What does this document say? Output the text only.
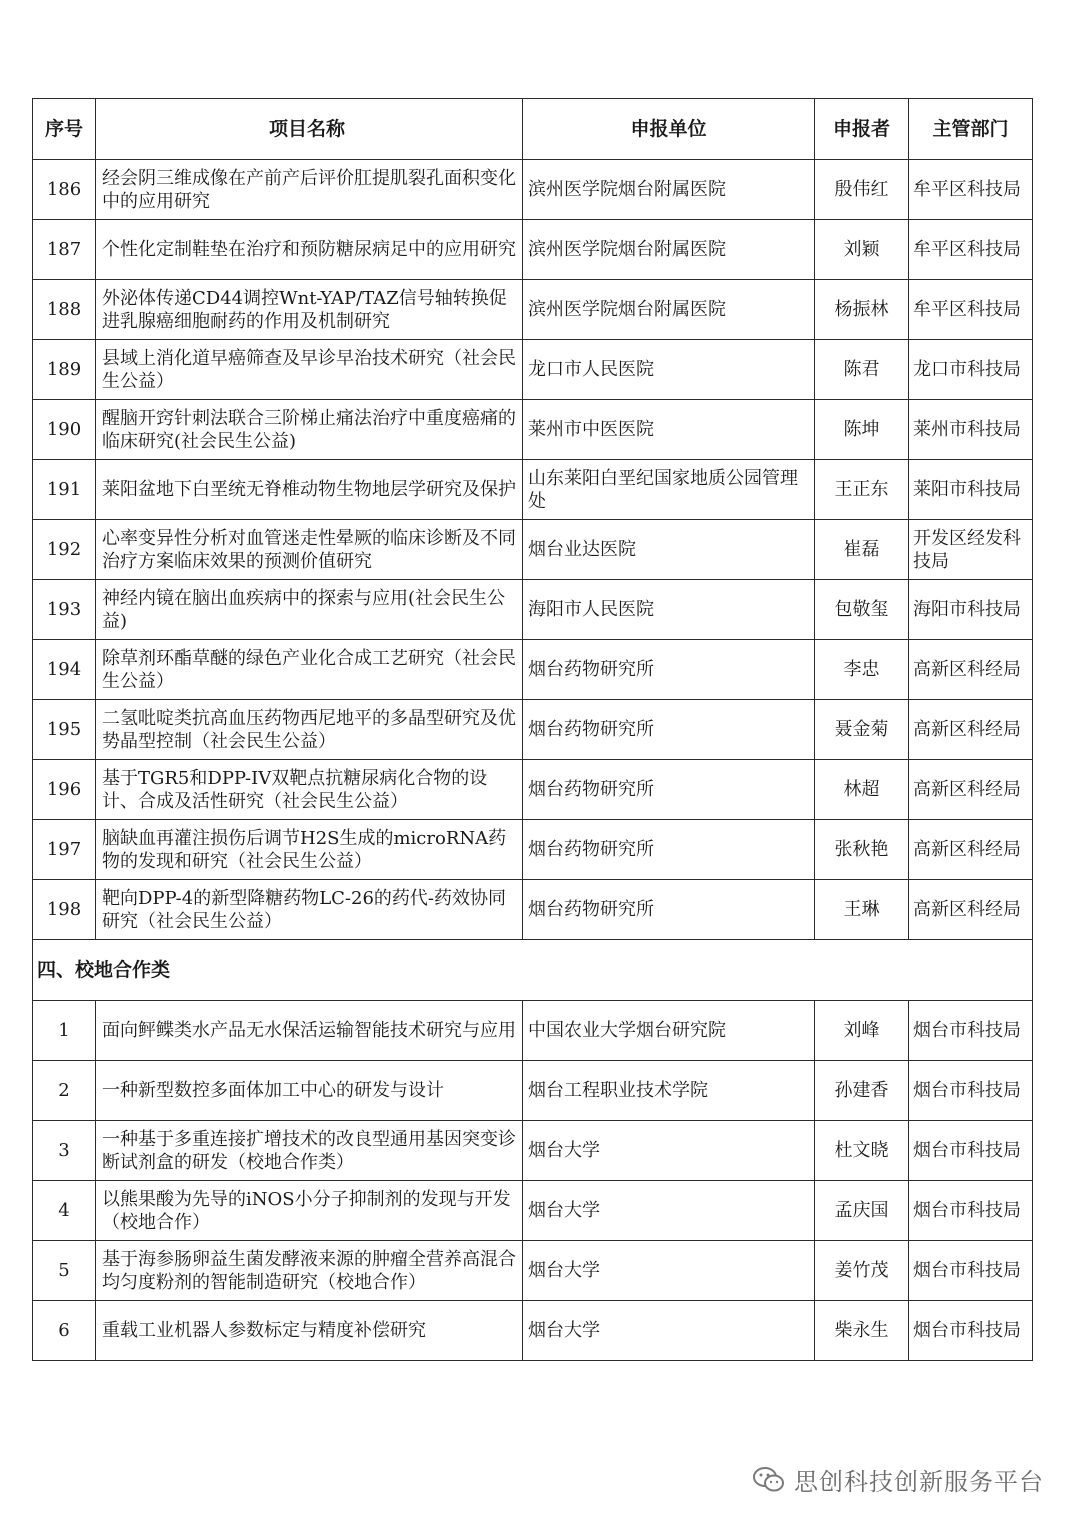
序号	项目名称	申报单位	申报者	主管部门
186	经会阴三维成像在产前产后评价肛提肌裂孔面积变化中的应用研究	滨州医学院烟台附属医院	殷伟红	牟平区科技局
187	个性化定制鞋垫在治疗和预防糖尿病足中的应用研究	滨州医学院烟台附属医院	刘颖	牟平区科技局
188	外泌体传递CD44调控Wnt-YAP/TAZ信号轴转换促进乳腺癌细胞耐药的作用及机制研究	滨州医学院烟台附属医院	杨振林	牟平区科技局
189	县域上消化道早癌筛查及早诊早治技术研究（社会民生公益）	龙口市人民医院	陈君	龙口市科技局
190	醒脑开窍针刺法联合三阶梯止痛法治疗中重度癌痛的临床研究(社会民生公益)	莱州市中医医院	陈坤	莱州市科技局
191	莱阳盆地下白垩统无脊椎动物生物地层学研究及保护	山东莱阳白垩纪国家地质公园管理处	王正东	莱阳市科技局
192	心率变异性分析对血管迷走性晕厥的临床诊断及不同治疗方案临床效果的预测价值研究	烟台业达医院	崔磊	开发区经发科技局
193	神经内镜在脑出血疾病中的探索与应用(社会民生公益)	海阳市人民医院	包敬玺	海阳市科技局
194	除草剂环酯草醚的绿色产业化合成工艺研究（社会民生公益）	烟台药物研究所	李忠	高新区科经局
195	二氢吡啶类抗高血压药物西尼地平的多晶型研究及优势晶型控制（社会民生公益）	烟台药物研究所	聂金菊	高新区科经局
196	基于TGR5和DPP-IV双靶点抗糖尿病化合物的设计、合成及活性研究（社会民生公益）	烟台药物研究所	林超	高新区科经局
197	脑缺血再灌注损伤后调节H2S生成的microRNA药物的发现和研究（社会民生公益）	烟台药物研究所	张秋艳	高新区科经局
198	靶向DPP-4的新型降糖药物LC-26的药代-药效协同研究（社会民生公益）	烟台药物研究所	王琳	高新区科经局
四、校地合作类				
1	面向鲆鲽类水产品无水保活运输智能技术研究与应用	中国农业大学烟台研究院	刘峰	烟台市科技局
2	一种新型数控多面体加工中心的研发与设计	烟台工程职业技术学院	孙建香	烟台市科技局
3	一种基于多重连接扩增技术的改良型通用基因突变诊断试剂盒的研发（校地合作类）	烟台大学	杜文晓	烟台市科技局
4	以熊果酸为先导的iNOS小分子抑制剂的发现与开发（校地合作）	烟台大学	孟庆国	烟台市科技局
5	基于海参肠卵益生菌发酵液来源的肿瘤全营养高混合均匀度粉剂的智能制造研究（校地合作）	烟台大学	姜竹茂	烟台市科技局
6	重载工业机器人参数标定与精度补偿研究	烟台大学	柴永生	烟台市科技局
思创科技创新服务平台
